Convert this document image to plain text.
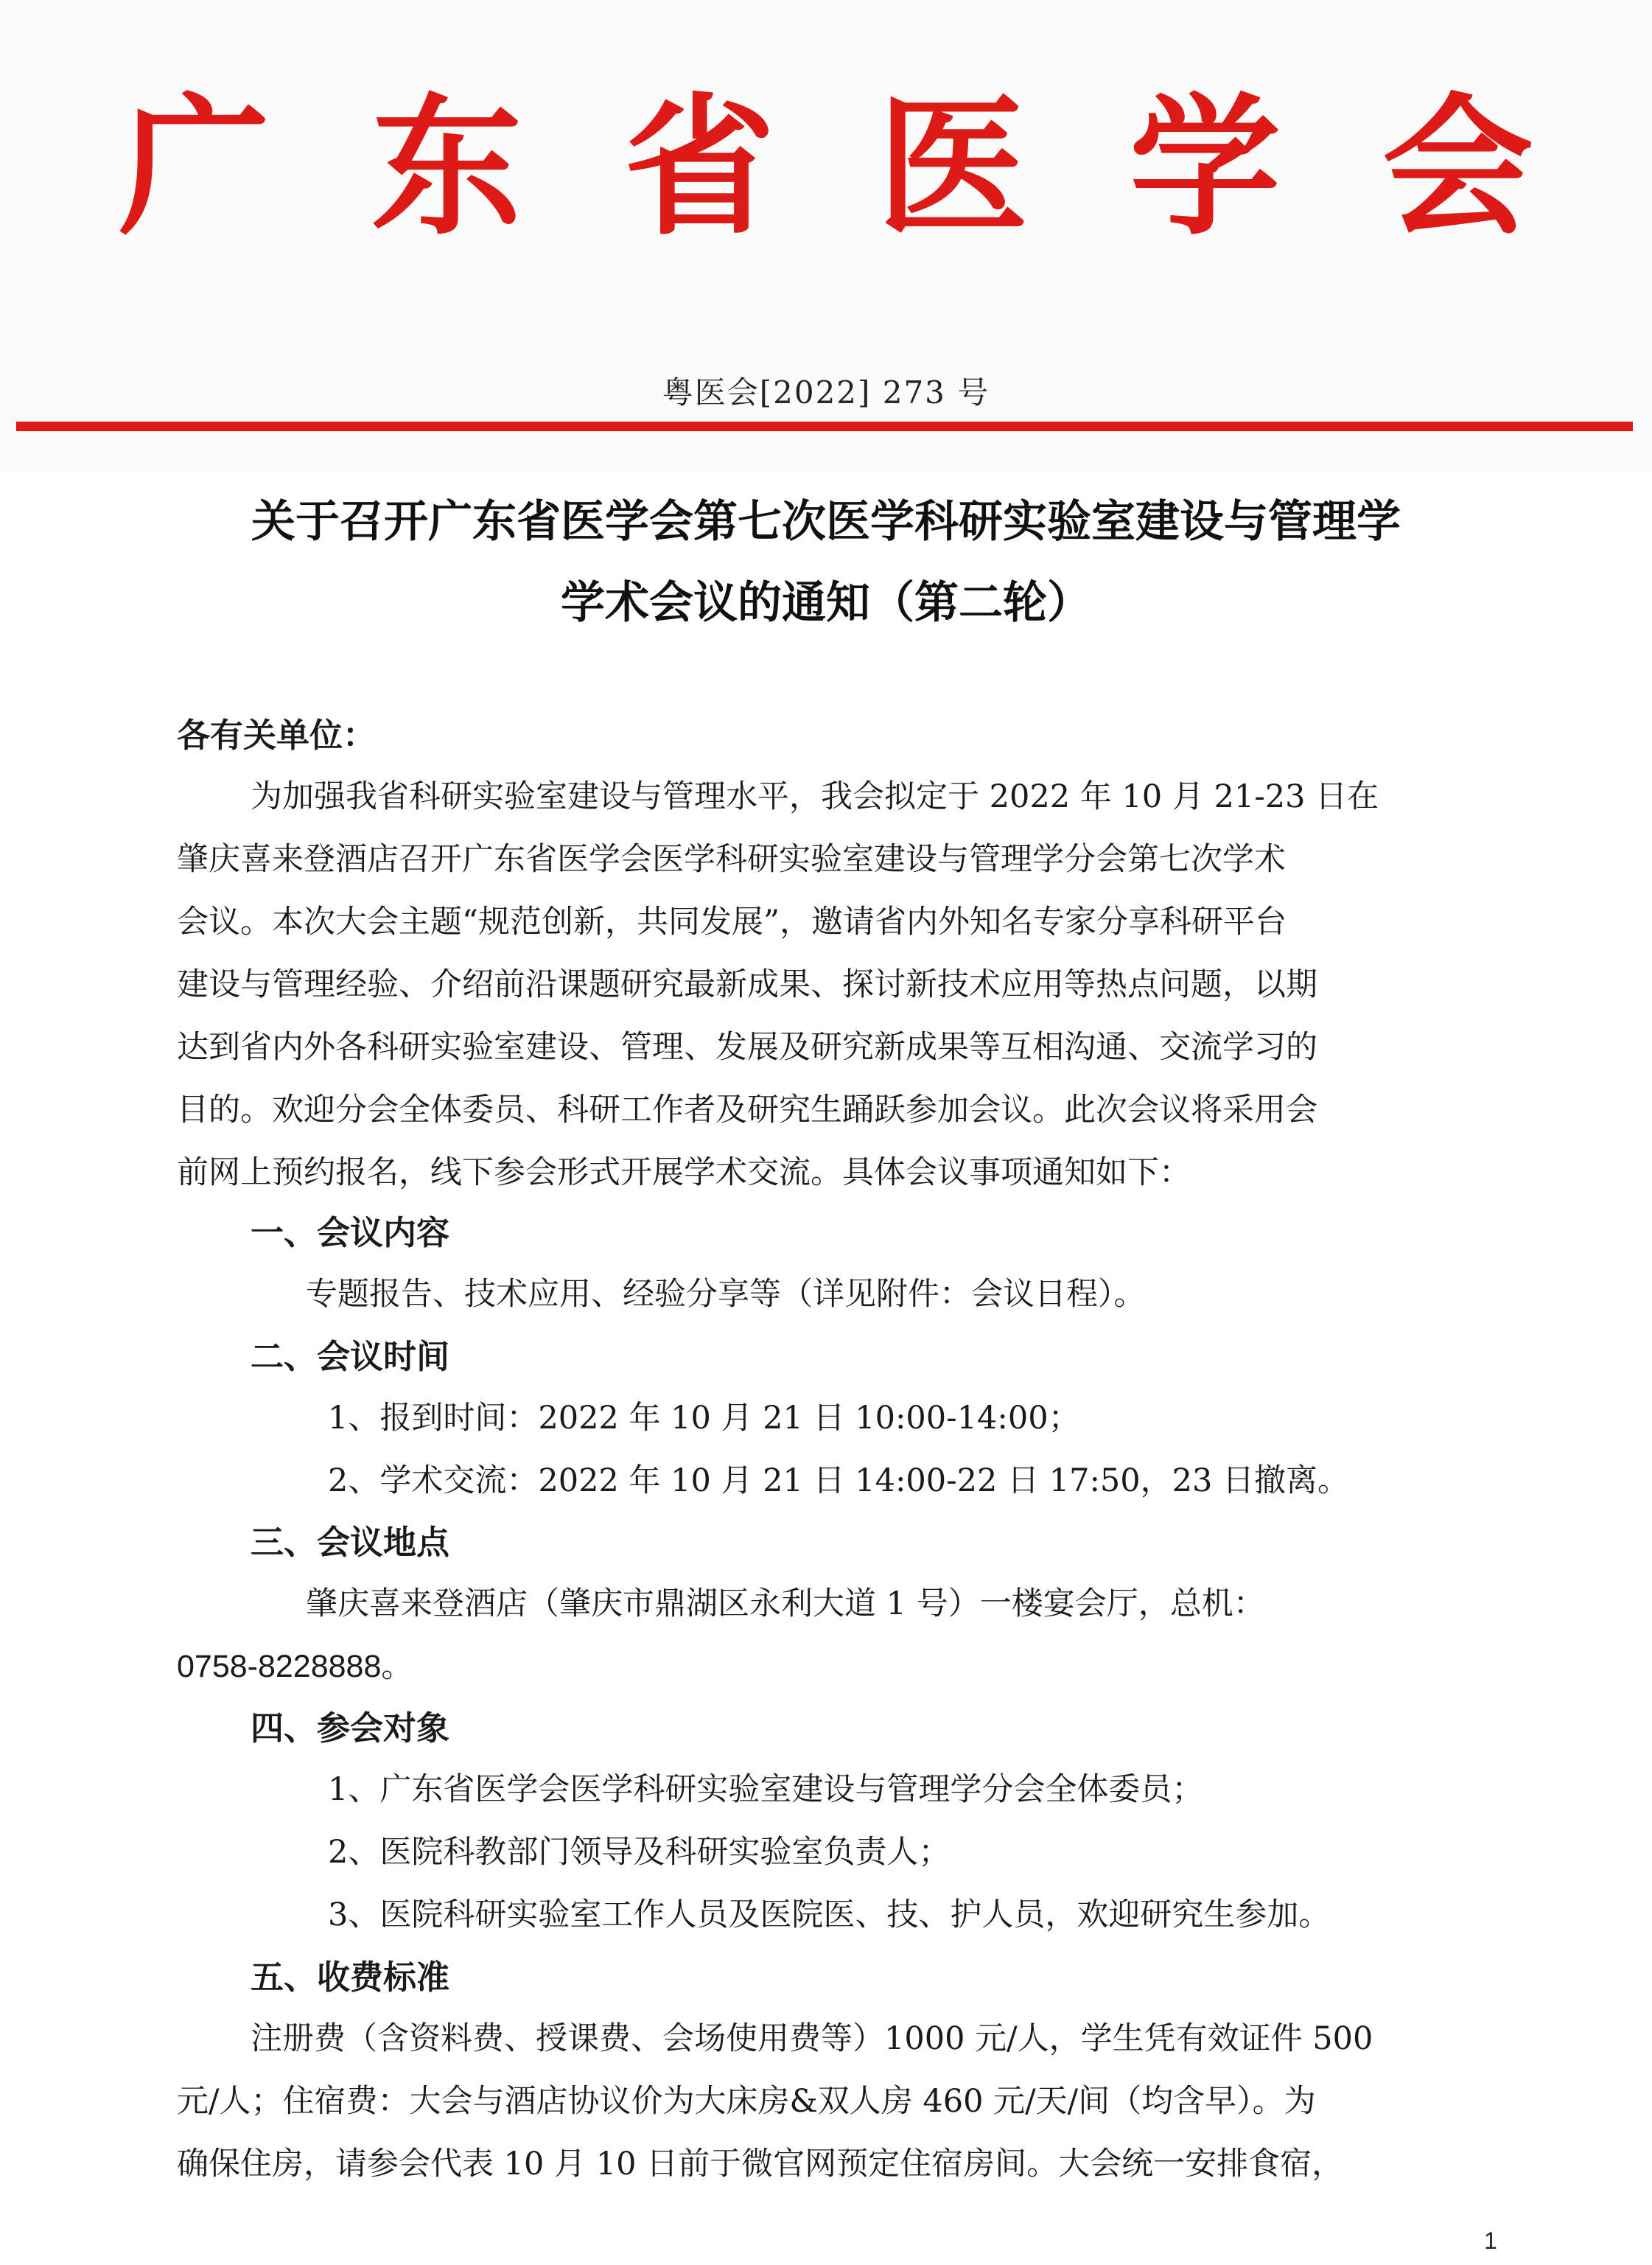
广东省医学会
粤医会[2022] 273 号
关于召开广东省医学会第七次医学科研实验室建设与管理学
学术会议的通知（第二轮）
各有关单位：
为加强我省科研实验室建设与管理水平，我会拟定于 2022 年 10 月 21-23 日在
肇庆喜来登酒店召开广东省医学会医学科研实验室建设与管理学分会第七次学术
会议。本次大会主题“规范创新，共同发展”，邀请省内外知名专家分享科研平台
建设与管理经验、介绍前沿课题研究最新成果、探讨新技术应用等热点问题，以期
达到省内外各科研实验室建设、管理、发展及研究新成果等互相沟通、交流学习的
目的。欢迎分会全体委员、科研工作者及研究生踊跃参加会议。此次会议将采用会
前网上预约报名，线下参会形式开展学术交流。具体会议事项通知如下：
一、会议内容
专题报告、技术应用、经验分享等（详见附件：会议日程）。
二、会议时间
1、报到时间：2022 年 10 月 21 日 10:00-14:00；
2、学术交流：2022 年 10 月 21 日 14:00-22 日 17:50，23 日撤离。
三、会议地点
肇庆喜来登酒店（肇庆市鼎湖区永利大道 1 号）一楼宴会厅，总机：
0758-8228888。
四、参会对象
1、广东省医学会医学科研实验室建设与管理学分会全体委员；
2、医院科教部门领导及科研实验室负责人；
3、医院科研实验室工作人员及医院医、技、护人员，欢迎研究生参加。
五、收费标准
注册费（含资料费、授课费、会场使用费等）1000 元/人，学生凭有效证件 500
元/人；住宿费：大会与酒店协议价为大床房&双人房 460 元/天/间（均含早）。为
确保住房，请参会代表 10 月 10 日前于微官网预定住宿房间。大会统一安排食宿，
1
